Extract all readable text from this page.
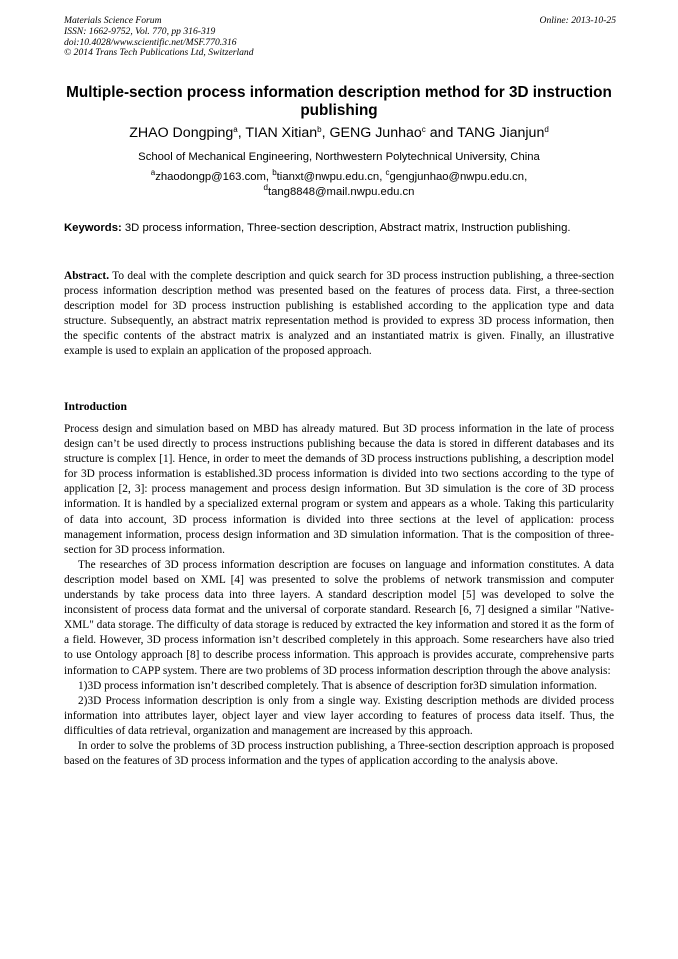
Materials Science Forum
ISSN: 1662-9752, Vol. 770, pp 316-319
doi:10.4028/www.scientific.net/MSF.770.316
© 2014 Trans Tech Publications Ltd, Switzerland
Online: 2013-10-25
Multiple-section process information description method for 3D instruction publishing
ZHAO Dongping$^a$, TIAN Xitian$^b$, GENG Junhao$^c$ and TANG Jianjun$^d$
School of Mechanical Engineering, Northwestern Polytechnical University, China
$^a$zhaodongp@163.com, $^b$tianxt@nwpu.edu.cn, $^c$gengjunhao@nwpu.edu.cn,
$^d$tang8848@mail.nwpu.edu.cn
Keywords: 3D process information, Three-section description, Abstract matrix, Instruction publishing.
Abstract. To deal with the complete description and quick search for 3D process instruction publishing, a three-section process information description method was presented based on the features of process data. First, a three-section description model for 3D process instruction publishing is established according to the application type and data structure. Subsequently, an abstract matrix representation method is provided to express 3D process information, then the specific contents of the abstract matrix is analyzed and an instantiated matrix is given. Finally, an illustrative example is used to explain an application of the proposed approach.
Introduction

Process design and simulation based on MBD has already matured. But 3D process information in the late of process design can’t be used directly to process instructions publishing because the data is stored in different databases and its structure is complex [1]. Hence, in order to meet the demands of 3D process instructions publishing, a description model for 3D process information is established.3D process information is divided into two sections according to the type of application [2, 3]: process management and process design information. But 3D simulation is the core of 3D process information. It is handled by a specialized external program or system and appears as a whole. Taking this particularity of data into account, 3D process information is divided into three sections at the level of application: process management information, process design information and 3D simulation information. That is the composition of three-section for 3D process information.

The researches of 3D process information description are focuses on language and information constitutes. A data description model based on XML [4] was presented to solve the problems of network transmission and computer understands by take process data into three layers. A standard description model [5] was developed to solve the inconsistent of process data format and the universal of corporate standard. Research [6, 7] designed a similar "Native-XML" data storage. The difficulty of data storage is reduced by extracted the key information and stored it as the form of a field. However, 3D process information isn’t described completely in this approach. Some researchers have also tried to use Ontology approach [8] to describe process information. This approach is provides accurate, comprehensive parts information to CAPP system. There are two problems of 3D process information description through the above analysis:

1)3D process information isn’t described completely. That is absence of description for3D simulation information.

2)3D Process information description is only from a single way. Existing description methods are divided process information into attributes layer, object layer and view layer according to features of process data itself. Thus, the difficulties of data retrieval, organization and management are increased by this approach.

In order to solve the problems of 3D process instruction publishing, a Three-section description approach is proposed based on the features of 3D process information and the types of application according to the analysis above.
